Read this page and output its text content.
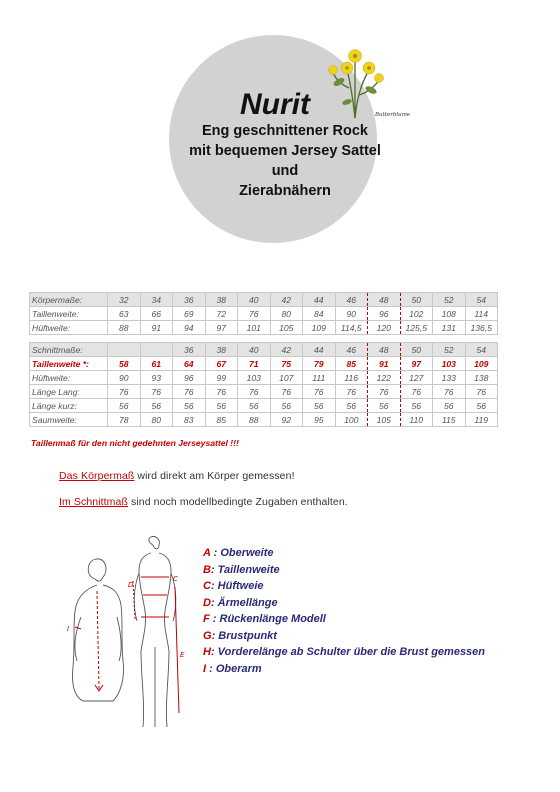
Nurit
Eng geschnittener Rock
mit bequemen Jersey Sattel
und
Zierabnähern
Butterblume
Körpermaße:	32	34	36	38	40	42	44	46	48	50	52	54
Taillenweite:	63	66	69	72	76	80	84	90	96	102	108	114
Hüftweite:	88	91	94	97	101	105	109	114,5	120	125,5	131	136,5

Schnittmaße:			36	38	40	42	44	46	48	50	52	54
Taillenweite *:	58	61	64	67	71	75	79	85	91	97	103	109
Hüftweite:	90	93	96	99	103	107	111	116	122	127	133	138
Länge Lang:	76	76	76	76	76	76	76	76	76	76	76	76
Länge kurz:	56	56	56	56	56	56	56	56	56	56	56	56
Saumweite:	78	80	83	85	88	92	95	100	105	110	115	119
Taillenmaß für den nicht gedehnten Jerseysattel !!!
Das Körpermaß wird direkt am Körper gemessen!
Im Schnittmaß sind noch modellbedingte Zugaben enthalten.
C
D
E
I
A : Oberweite
B: Taillenweite
C: Hüftweie
D: Ärmellänge
F : Rückenlänge Modell
G: Brustpunkt
H: Vorderelänge ab Schulter über die Brust gemessen
I : Oberarm
